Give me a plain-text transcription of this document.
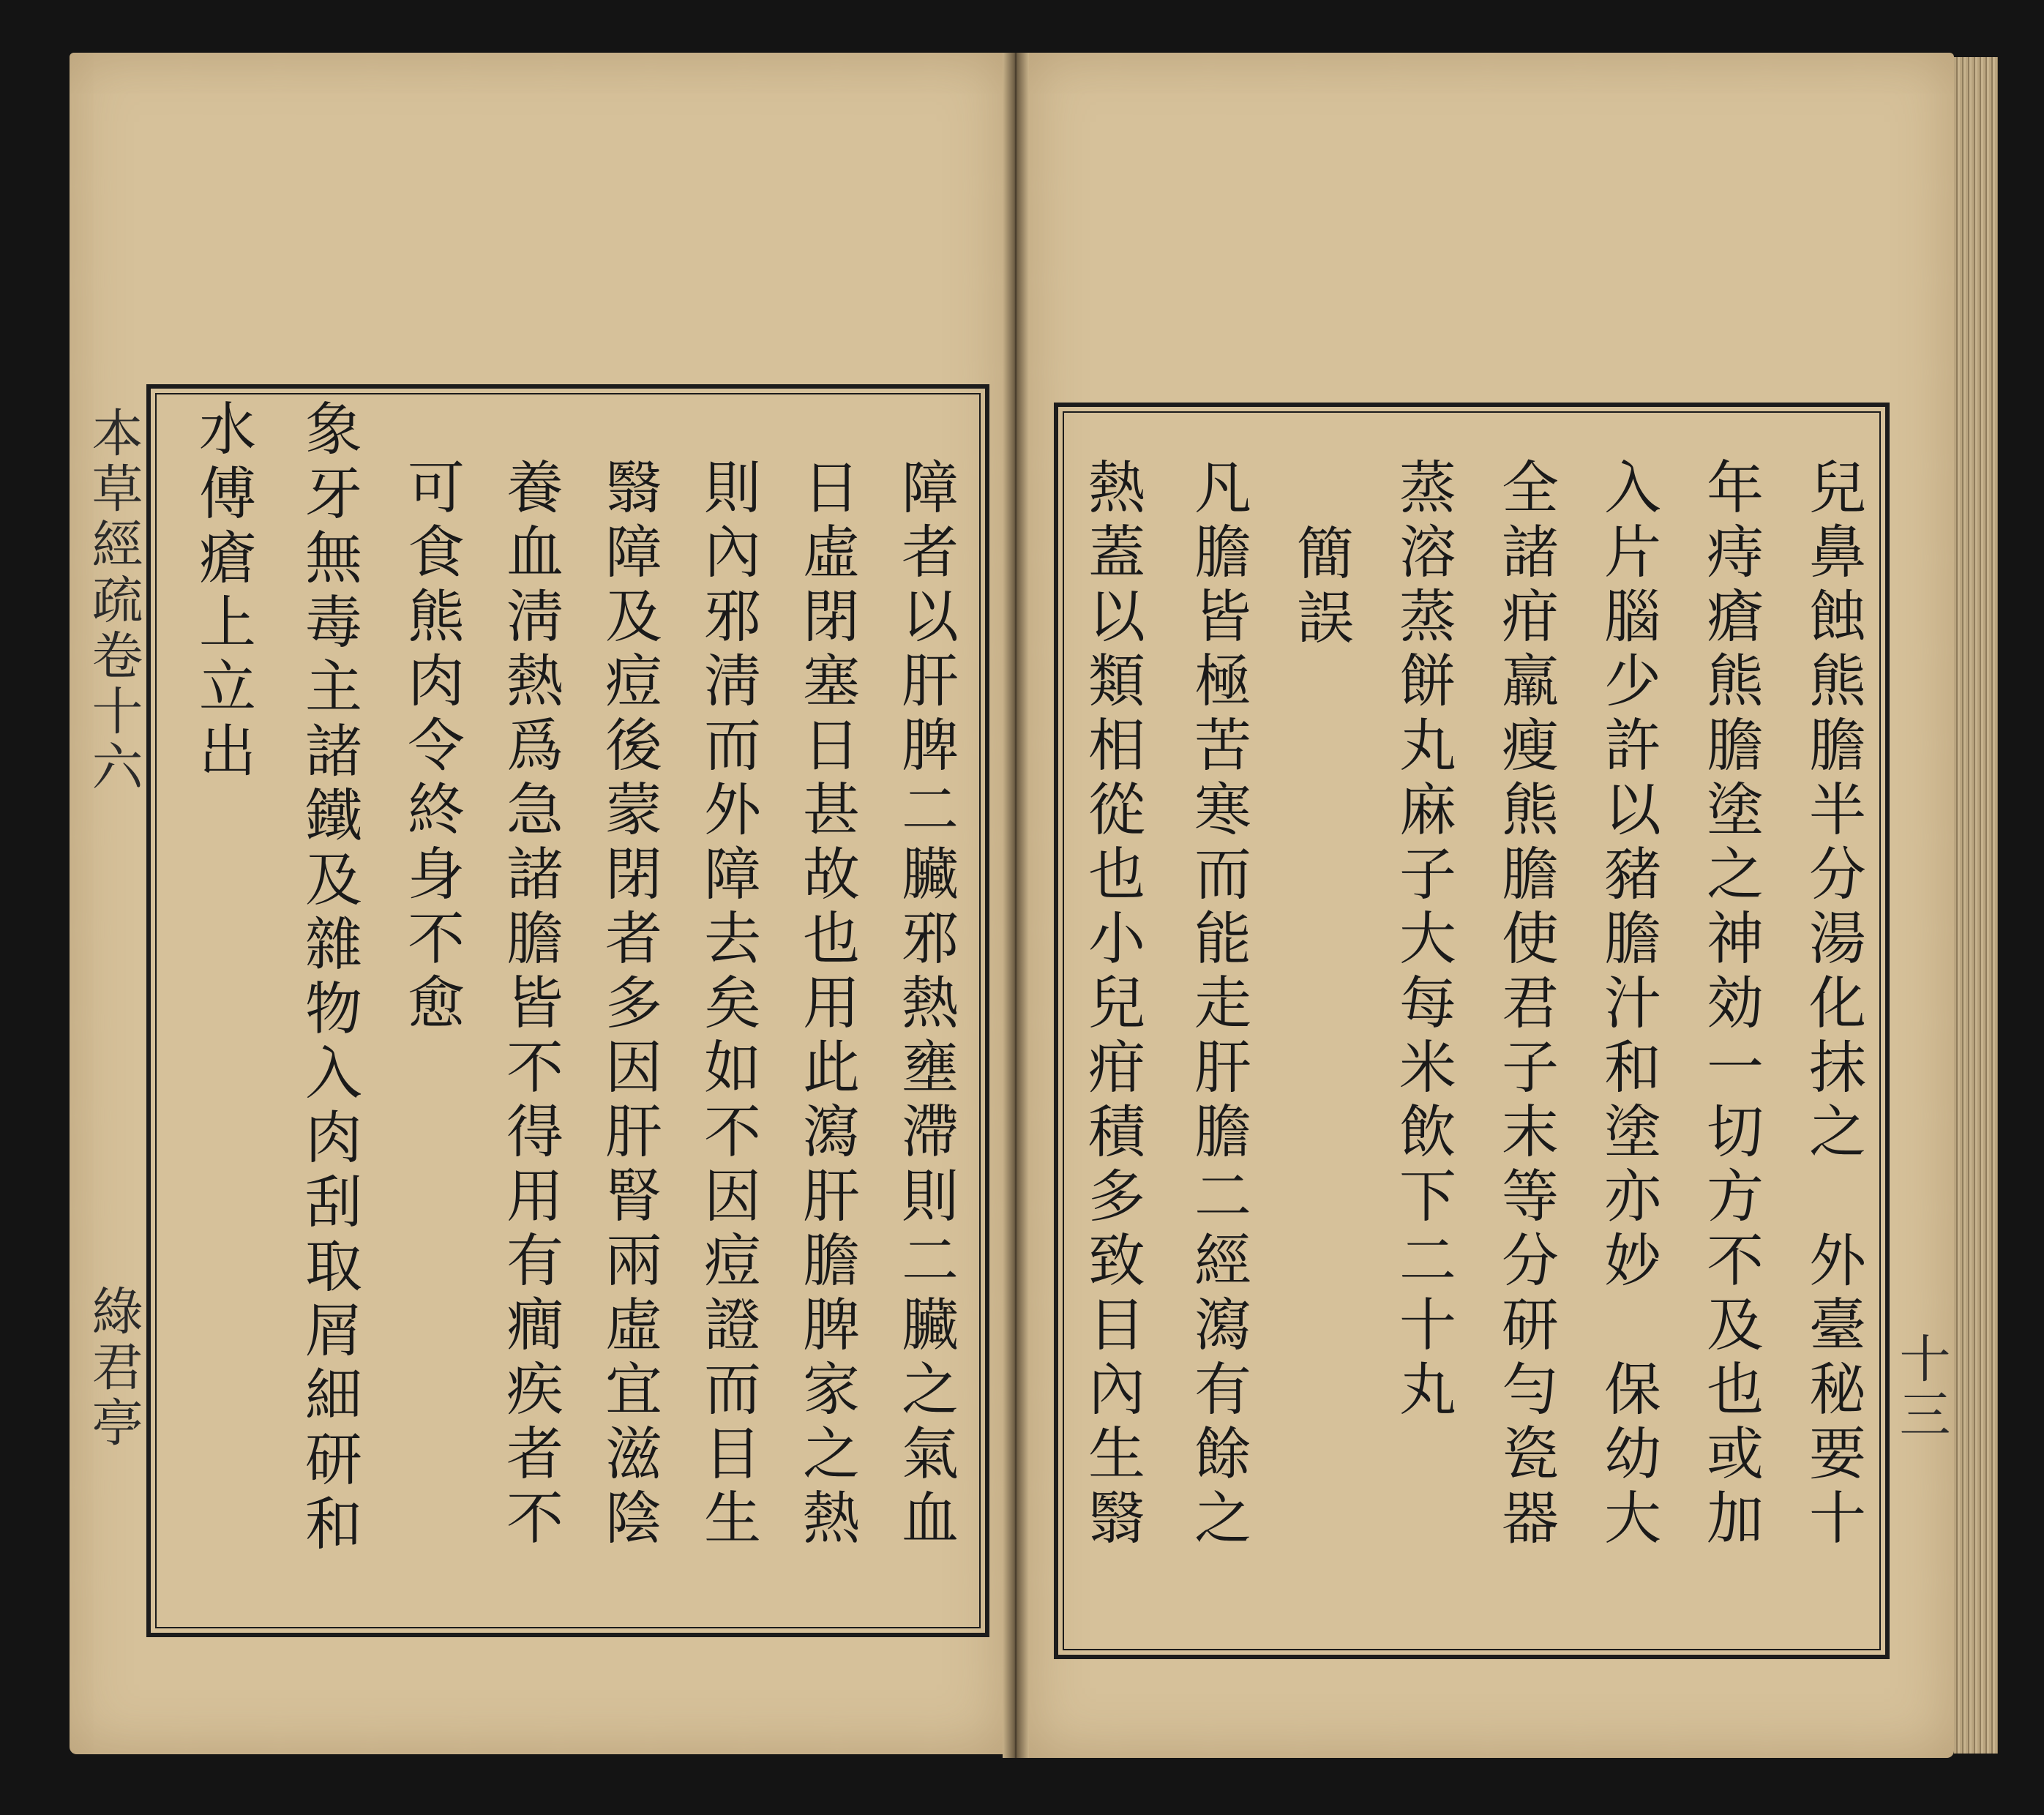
本草經疏卷十六
綠君亭	障者以肝脾二臟邪熱壅滯則二臟之氣血
日虛閉塞日甚故也用此瀉肝膽脾家之熱
則內邪淸而外障去矣如不因痘證而目生
翳障及痘後蒙閉者多因肝腎兩虛宜滋陰
養血淸熱爲急諸膽皆不得用有癎疾者不
可食熊肉令終身不愈
象牙無毒主諸鐵及雜物入肉刮取屑細研和
水傅瘡上立出	兒鼻蝕熊膽半分湯化抹之　外臺秘要十
年痔瘡熊膽塗之神効一切方不及也或加
入片腦少許以豬膽汁和塗亦妙　保幼大
全諸疳羸瘦熊膽使君子末等分研勻瓷器
蒸溶蒸餅丸麻子大每米飲下二十丸
簡誤
凡膽皆極苦寒而能走肝膽二經瀉有餘之
熱蓋以類相從也小兒疳積多致目內生翳	十三
